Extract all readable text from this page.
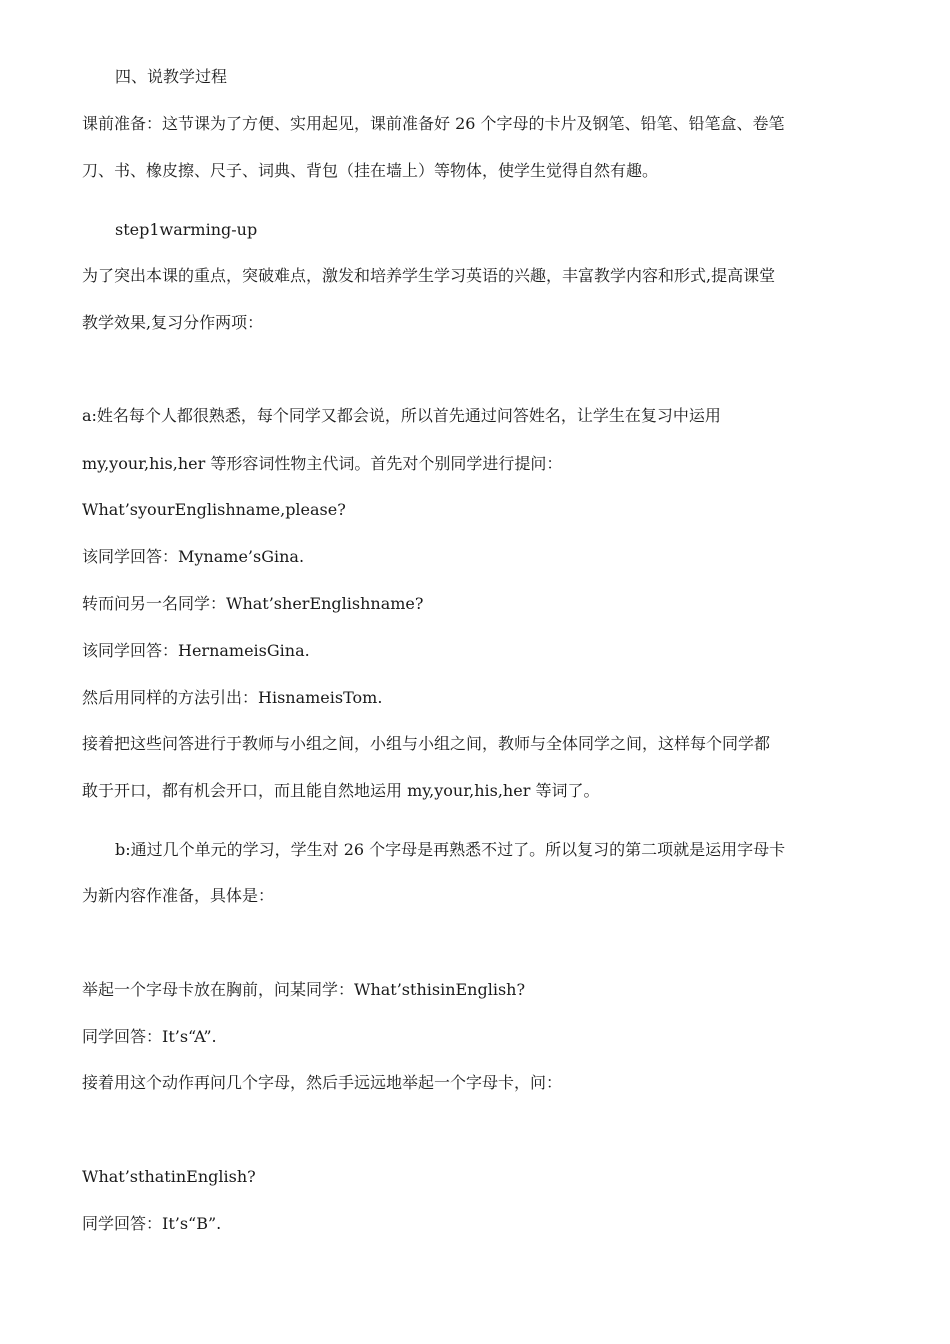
四、说教学过程
课前准备：这节课为了方便、实用起见，课前准备好 26 个字母的卡片及钢笔、铅笔、铅笔盒、卷笔
刀、书、橡皮擦、尺子、词典、背包（挂在墙上）等物体，使学生觉得自然有趣。
step1warming-up
为了突出本课的重点，突破难点，激发和培养学生学习英语的兴趣，丰富教学内容和形式,提高课堂
教学效果,复习分作两项：
a:姓名每个人都很熟悉，每个同学又都会说，所以首先通过问答姓名，让学生在复习中运用
my,your,his,her 等形容词性物主代词。首先对个别同学进行提问：
What’syourEnglishname,please?
该同学回答：Myname’sGina.
转而问另一名同学：What’sherEnglishname?
该同学回答：HernameisGina.
然后用同样的方法引出：HisnameisTom.
接着把这些问答进行于教师与小组之间，小组与小组之间，教师与全体同学之间，这样每个同学都
敢于开口，都有机会开口，而且能自然地运用 my,your,his,her 等词了。
b:通过几个单元的学习，学生对 26 个字母是再熟悉不过了。所以复习的第二项就是运用字母卡
为新内容作准备，具体是：
举起一个字母卡放在胸前，问某同学：What’sthisinEnglish?
同学回答：It’s“A”.
接着用这个动作再问几个字母，然后手远远地举起一个字母卡，问：
What’sthatinEnglish?
同学回答：It’s“B”.
